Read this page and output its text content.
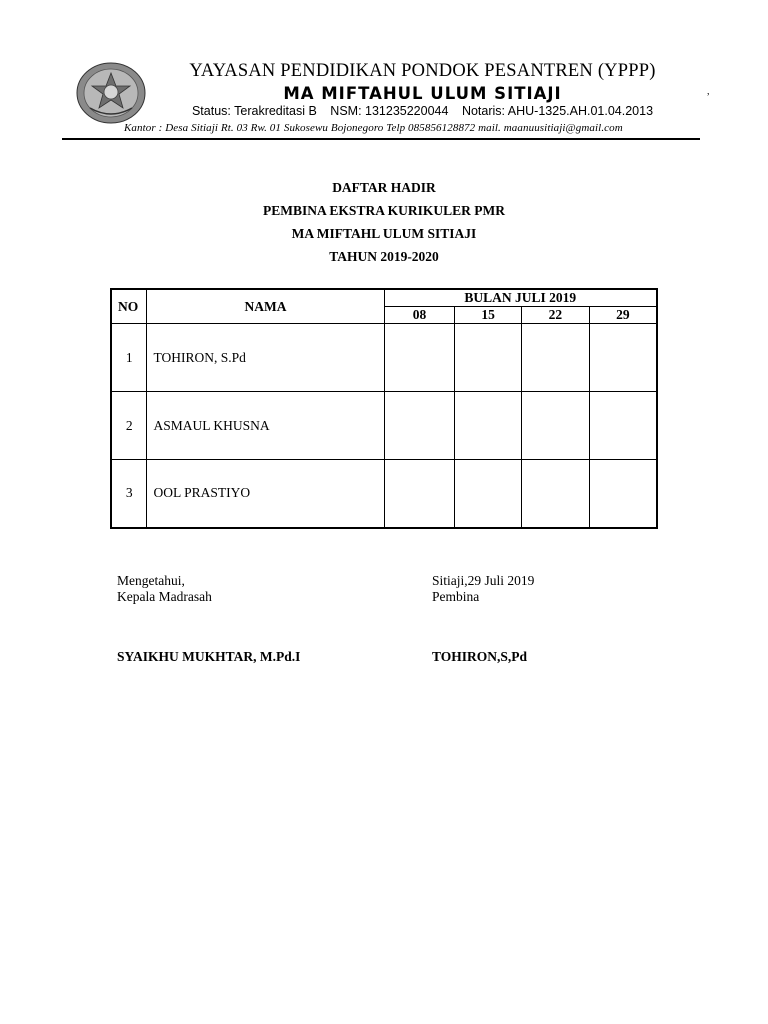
YAYASAN PENDIDIKAN PONDOK PESANTREN (YPPP)
MA MIFTAHUL ULUM SITIAJI
Status: Terakreditasi B NSM: 131235220044 Notaris: AHU-1325.AH.01.04.2013
Kantor : Desa Sitiaji Rt. 03 Rw. 01 Sukosewu Bojonegoro Telp 085856128872 mail. maanuusitiaji@gmail.com
,
DAFTAR HADIR
PEMBINA EKSTRA KURIKULER PMR
MA MIFTAHL ULUM SITIAJI
TAHUN 2019-2020
NO	NAMA	BULAN JULI 2019			
		08	15	22	29
1	TOHIRON, S.Pd				
2	ASMAUL KHUSNA				
3	OOL PRASTIYO				
Mengetahui,
Kepala Madrasah
Sitiaji,29 Juli 2019
Pembina
SYAIKHU MUKHTAR, M.Pd.I	TOHIRON,S,Pd
